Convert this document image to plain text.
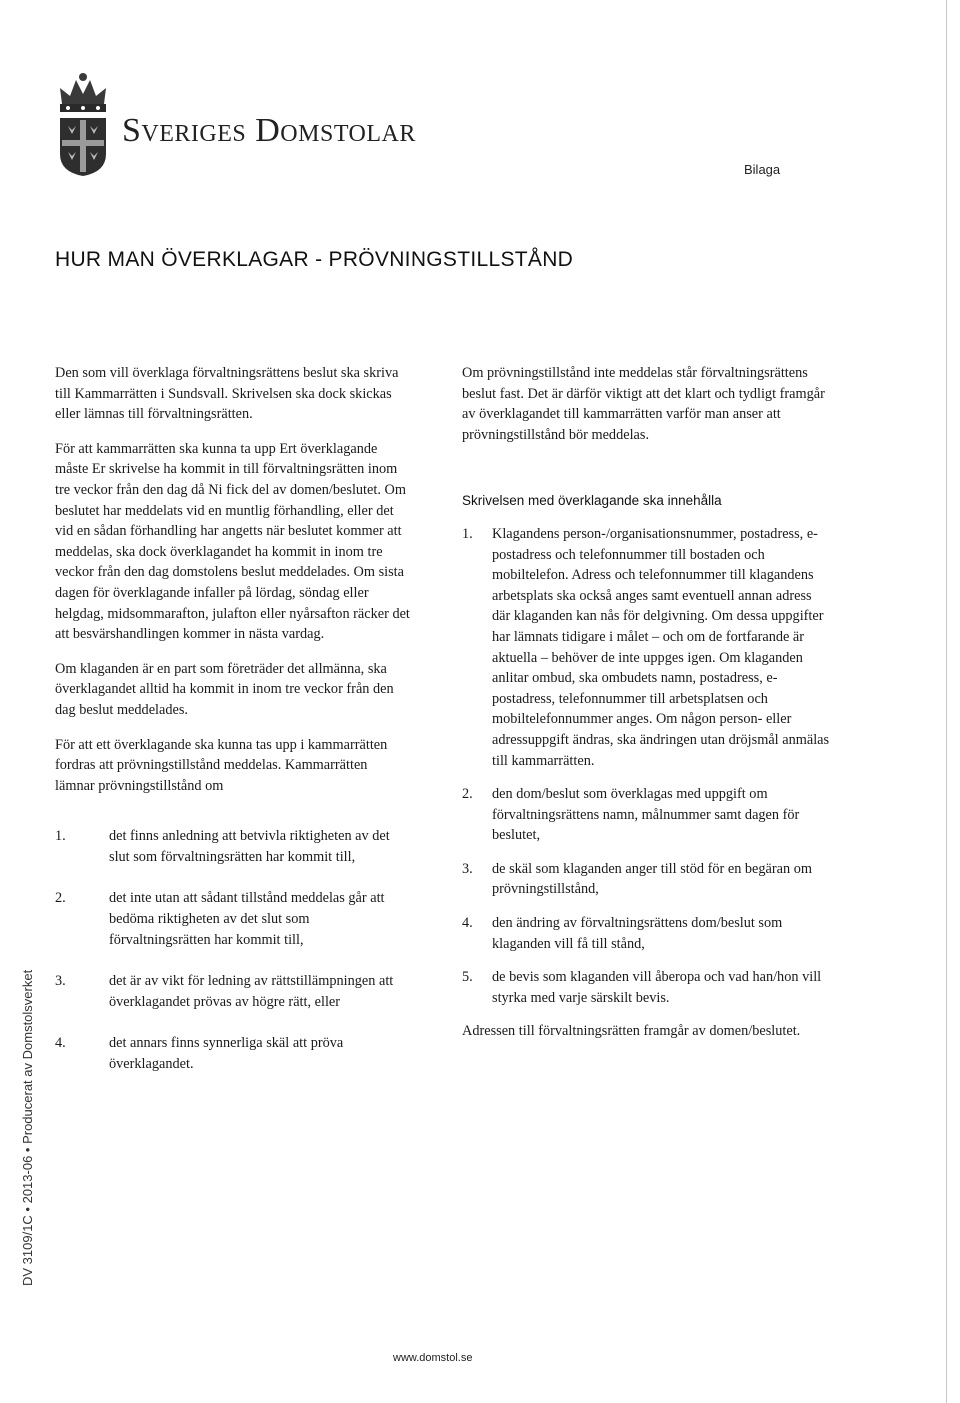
Sveriges Domstolar
Bilaga
HUR MAN ÖVERKLAGAR - PRÖVNINGSTILLSTÅND

Den som vill överklaga förvaltningsrättens beslut ska skriva till Kammarrätten i Sundsvall. Skrivelsen ska dock skickas eller lämnas till förvaltningsrätten.

För att kammarrätten ska kunna ta upp Ert överklagande måste Er skrivelse ha kommit in till förvaltningsrätten inom tre veckor från den dag då Ni fick del av domen/beslutet. Om beslutet har meddelats vid en muntlig förhandling, eller det vid en sådan förhandling har angetts när beslutet kommer att meddelas, ska dock överklagandet ha kommit in inom tre veckor från den dag domstolens beslut meddelades. Om sista dagen för överklagande infaller på lördag, söndag eller helgdag, midsommarafton, julafton eller nyårsafton räcker det att besvärshandlingen kommer in nästa vardag.

Om klaganden är en part som företräder det allmänna, ska överklagandet alltid ha kommit in inom tre veckor från den dag beslut meddelades.

För att ett överklagande ska kunna tas upp i kammarrätten fordras att prövningstillstånd meddelas. Kammarrätten lämnar prövningstillstånd om

1.	det finns anledning att betvivla riktigheten av det slut som förvaltningsrätten har kommit till,
2.	det inte utan att sådant tillstånd meddelas går att bedöma riktigheten av det slut som förvaltningsrätten har kommit till,
3.	det är av vikt för ledning av rättstillämpningen att överklagandet prövas av högre rätt, eller
4.	det annars finns synnerliga skäl att pröva överklagandet.

Om prövningstillstånd inte meddelas står förvaltningsrättens beslut fast. Det är därför viktigt att det klart och tydligt framgår av överklagandet till kammarrätten varför man anser att prövningstillstånd bör meddelas.

Skrivelsen med överklagande ska innehålla
1. Klagandens person-/organisationsnummer, postadress, e-postadress och telefonnummer till bostaden och mobiltelefon. Adress och telefonnummer till klagandens arbetsplats ska också anges samt eventuell annan adress där klaganden kan nås för delgivning. Om dessa uppgifter har lämnats tidigare i målet – och om de fortfarande är aktuella – behöver de inte uppges igen. Om klaganden anlitar ombud, ska ombudets namn, postadress, e-postadress, telefonnummer till arbetsplatsen och mobiltelefonnummer anges. Om någon person- eller adressuppgift ändras, ska ändringen utan dröjsmål anmälas till kammarrätten.
2. den dom/beslut som överklagas med uppgift om förvaltningsrättens namn, målnummer samt dagen för beslutet,
3. de skäl som klaganden anger till stöd för en begäran om prövningstillstånd,
4. den ändring av förvaltningsrättens dom/beslut som klaganden vill få till stånd,
5. de bevis som klaganden vill åberopa och vad han/hon vill styrka med varje särskilt bevis.

Adressen till förvaltningsrätten framgår av domen/beslutet.

DV 3109/1C • 2013-06 • Producerat av Domstolsverket
www.domstol.se
